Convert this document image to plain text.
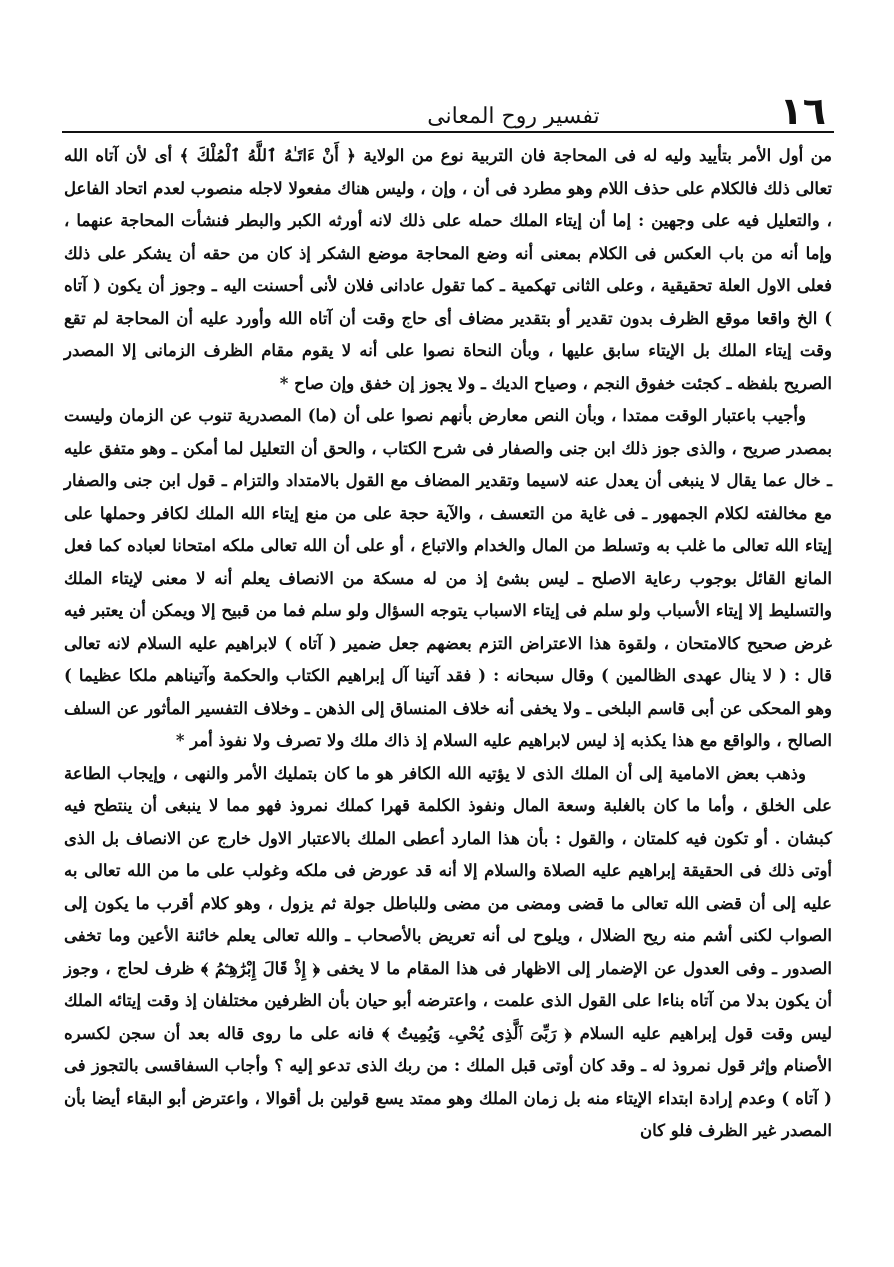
١٦
تفسير روح المعانى

من أول الأمر بتأييد وليه له فى المحاجة فان التربية نوع من الولاية ﴿ أَنْ ءَاتَـٰهُ ٱللَّهُ ٱلْمُلْكَ ﴾ أى لأن آتاه الله تعالى ذلك فالكلام على حذف اللام وهو مطرد فى أن ، وإن ، وليس هناك مفعولا لاجله منصوب لعدم اتحاد الفاعل ، والتعليل فيه على وجهين : إما أن إيتاء الملك حمله على ذلك لانه أورثه الكبر والبطر فنشأت المحاجة عنهما ، وإما أنه من باب العكس فى الكلام بمعنى أنه وضع المحاجة موضع الشكر إذ كان من حقه أن يشكر على ذلك فعلى الاول العلة تحقيقية ، وعلى الثانى تهكمية ـ كما تقول عادانى فلان لأنى أحسنت اليه ـ وجوز أن يكون ( آتاه ) الخ واقعا موقع الظرف بدون تقدير أو بتقدير مضاف أى حاج وقت أن آتاه الله وأورد عليه أن المحاجة لم تقع وقت إيتاء الملك بل الإيتاء سابق عليها ، وبأن النحاة نصوا على أنه لا يقوم مقام الظرف الزمانى إلا المصدر الصريح بلفظه ـ كجئت خفوق النجم ، وصياح الديك ـ ولا يجوز إن خفق وإن صاح *

وأجيب باعتبار الوقت ممتدا ، وبأن النص معارض بأنهم نصوا على أن (ما) المصدرية تنوب عن الزمان وليست بمصدر صريح ، والذى جوز ذلك ابن جنى والصفار فى شرح الكتاب ، والحق أن التعليل لما أمكن ـ وهو متفق عليه ـ خال عما يقال لا ينبغى أن يعدل عنه لاسيما وتقدير المضاف مع القول بالامتداد والتزام ـ قول ابن جنى والصفار مع مخالفته لكلام الجمهور ـ فى غاية من التعسف ، والآية حجة على من منع إيتاء الله الملك لكافر وحملها على إيتاء الله تعالى ما غلب به وتسلط من المال والخدام والاتباع ، أو على أن الله تعالى ملكه امتحانا لعباده كما فعل المانع القائل بوجوب رعاية الاصلح ـ ليس بشئ إذ من له مسكة من الانصاف يعلم أنه لا معنى لإيتاء الملك والتسليط إلا إيتاء الأسباب ولو سلم فى إيتاء الاسباب يتوجه السؤال ولو سلم فما من قبيح إلا ويمكن أن يعتبر فيه غرض صحيح كالامتحان ، ولقوة هذا الاعتراض التزم بعضهم جعل ضمير ( آتاه ) لابراهيم عليه السلام لانه تعالى قال : ( لا ينال عهدى الظالمين ) وقال سبحانه : ( فقد آتينا آل إبراهيم الكتاب والحكمة وآتيناهم ملكا عظيما ) وهو المحكى عن أبى قاسم البلخى ـ ولا يخفى أنه خلاف المنساق إلى الذهن ـ وخلاف التفسير المأثور عن السلف الصالح ، والواقع مع هذا يكذبه إذ ليس لابراهيم عليه السلام إذ ذاك ملك ولا تصرف ولا نفوذ أمر *

وذهب بعض الامامية إلى أن الملك الذى لا يؤتيه الله الكافر هو ما كان بتمليك الأمر والنهى ، وإيجاب الطاعة على الخلق ، وأما ما كان بالغلبة وسعة المال ونفوذ الكلمة قهرا كملك نمروذ فهو مما لا ينبغى أن ينتطح فيه كبشان . أو تكون فيه كلمتان ، والقول : بأن هذا المارد أعطى الملك بالاعتبار الاول خارج عن الانصاف بل الذى أوتى ذلك فى الحقيقة إبراهيم عليه الصلاة والسلام إلا أنه قد عورض فى ملكه وغولب على ما من الله تعالى به عليه إلى أن قضى الله تعالى ما قضى ومضى من مضى وللباطل جولة ثم يزول ، وهو كلام أقرب ما يكون إلى الصواب لكنى أشم منه ريح الضلال ، ويلوح لى أنه تعريض بالأصحاب ـ والله تعالى يعلم خائنة الأعين وما تخفى الصدور ـ وفى العدول عن الإضمار إلى الاظهار فى هذا المقام ما لا يخفى ﴿ إِذْ قَالَ إِبْرَٰهِـۧمُ ﴾ ظرف لحاج ، وجوز أن يكون بدلا من آتاه بناءا على القول الذى علمت ، واعترضه أبو حيان بأن الظرفين مختلفان إذ وقت إيتائه الملك ليس وقت قول إبراهيم عليه السلام ﴿ رَبِّىَ ٱلَّذِى يُحْىِۦ وَيُمِيتُ ﴾ فانه على ما روى قاله بعد أن سجن لكسره الأصنام وإثر قول نمروذ له ـ وقد كان أوتى قبل الملك : من ربك الذى تدعو إليه ؟ وأجاب السفاقسى بالتجوز فى ( آتاه ) وعدم إرادة ابتداء الإيتاء منه بل زمان الملك وهو ممتد يسع قولين بل أقوالا ، واعترض أبو البقاء أيضا بأن المصدر غير الظرف فلو كان
